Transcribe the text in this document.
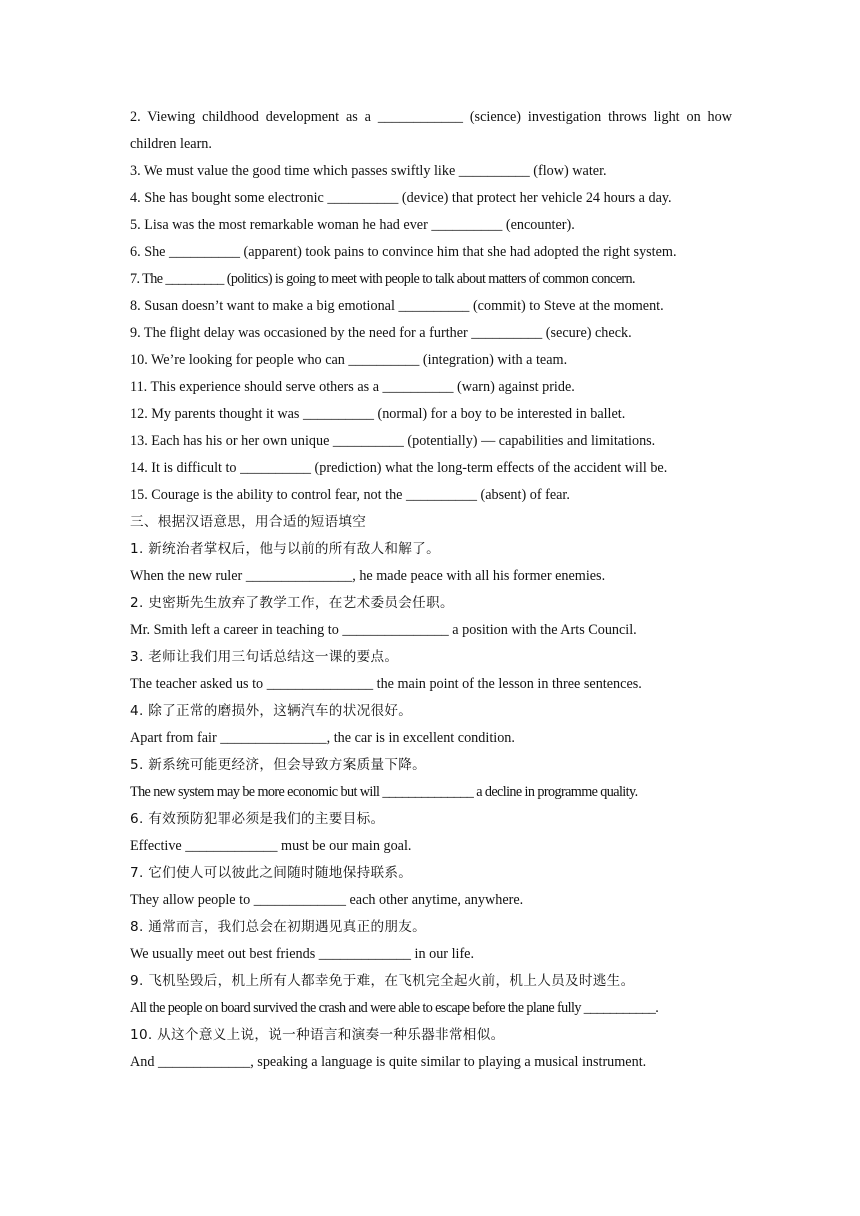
2. Viewing childhood development as a ____________ (science) investigation throws light on how children learn.
3. We must value the good time which passes swiftly like __________ (flow) water.
4. She has bought some electronic __________ (device) that protect her vehicle 24 hours a day.
5. Lisa was the most remarkable woman he had ever __________ (encounter).
6. She __________ (apparent) took pains to convince him that she had adopted the right system.
7. The _________ (politics) is going to meet with people to talk about matters of common concern.
8. Susan doesn’t want to make a big emotional __________ (commit) to Steve at the moment.
9. The flight delay was occasioned by the need for a further __________ (secure) check.
10. We’re looking for people who can __________ (integration) with a team.
11. This experience should serve others as a __________ (warn) against pride.
12. My parents thought it was __________ (normal) for a boy to be interested in ballet.
13. Each has his or her own unique __________ (potentially) — capabilities and limitations.
14. It is difficult to __________ (prediction) what the long-term effects of the accident will be.
15. Courage is the ability to control fear, not the __________ (absent) of fear.
三、根据汉语意思，用合适的短语填空
1. 新统治者掌权后，他与以前的所有敌人和解了。
When the new ruler _______________, he made peace with all his former enemies.
2. 史密斯先生放弃了教学工作，在艺术委员会任职。
Mr. Smith left a career in teaching to _______________ a position with the Arts Council.
3. 老师让我们用三句话总结这一课的要点。
The teacher asked us to _______________ the main point of the lesson in three sentences.
4. 除了正常的磨损外，这辆汽车的状况很好。
Apart from fair _______________, the car is in excellent condition.
5. 新系统可能更经济，但会导致方案质量下降。
The new system may be more economic but will ______________ a decline in programme quality.
6. 有效预防犯罪必须是我们的主要目标。
Effective _____________ must be our main goal.
7. 它们使人可以彼此之间随时随地保持联系。
They allow people to _____________ each other anytime, anywhere.
8. 通常而言，我们总会在初期遇见真正的朋友。
We usually meet out best friends _____________ in our life.
9. 飞机坠毁后，机上所有人都幸免于难，在飞机完全起火前，机上人员及时逃生。
All the people on board survived the crash and were able to escape before the plane fully ___________.
10. 从这个意义上说，说一种语言和演奏一种乐器非常相似。
And _____________, speaking a language is quite similar to playing a musical instrument.
